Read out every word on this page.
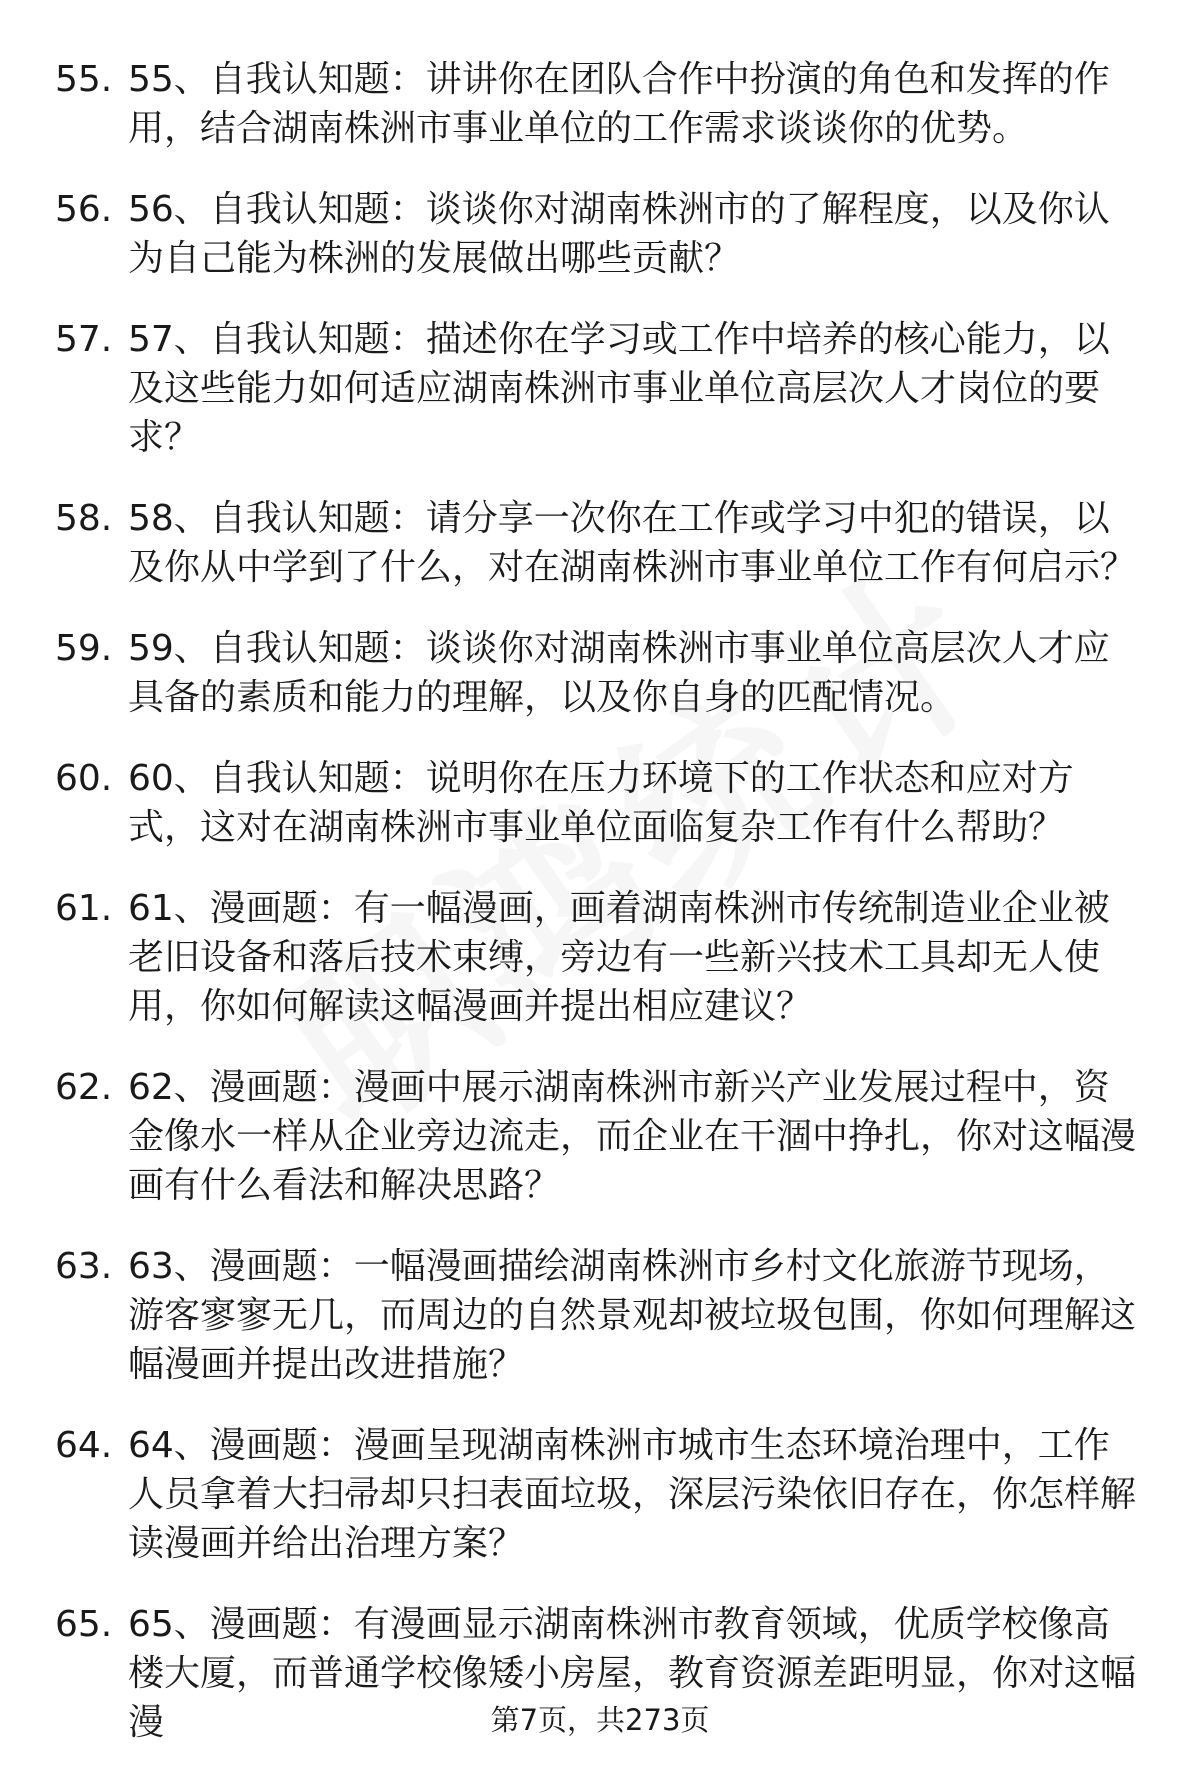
55. 55、自我认知题：讲讲你在团队合作中扮演的角色和发挥的作用，结合湖南株洲市事业单位的工作需求谈谈你的优势。
56. 56、自我认知题：谈谈你对湖南株洲市的了解程度，以及你认为自己能为株洲的发展做出哪些贡献？
57. 57、自我认知题：描述你在学习或工作中培养的核心能力，以及这些能力如何适应湖南株洲市事业单位高层次人才岗位的要求？
58. 58、自我认知题：请分享一次你在工作或学习中犯的错误，以及你从中学到了什么，对在湖南株洲市事业单位工作有何启示？
59. 59、自我认知题：谈谈你对湖南株洲市事业单位高层次人才应具备的素质和能力的理解，以及你自身的匹配情况。
60. 60、自我认知题：说明你在压力环境下的工作状态和应对方式，这对在湖南株洲市事业单位面临复杂工作有什么帮助？
61. 61、漫画题：有一幅漫画，画着湖南株洲市传统制造业企业被老旧设备和落后技术束缚，旁边有一些新兴技术工具却无人使用，你如何解读这幅漫画并提出相应建议？
62. 62、漫画题：漫画中展示湖南株洲市新兴产业发展过程中，资金像水一样从企业旁边流走，而企业在干涸中挣扎，你对这幅漫画有什么看法和解决思路？
63. 63、漫画题：一幅漫画描绘湖南株洲市乡村文化旅游节现场，游客寥寥无几，而周边的自然景观却被垃圾包围，你如何理解这幅漫画并提出改进措施？
64. 64、漫画题：漫画呈现湖南株洲市城市生态环境治理中，工作人员拿着大扫帚却只扫表面垃圾，深层污染依旧存在，你怎样解读漫画并给出治理方案？
65. 65、漫画题：有漫画显示湖南株洲市教育领域，优质学校像高楼大厦，而普通学校像矮小房屋，教育资源差距明显，你对这幅漫	第7页，共273页
